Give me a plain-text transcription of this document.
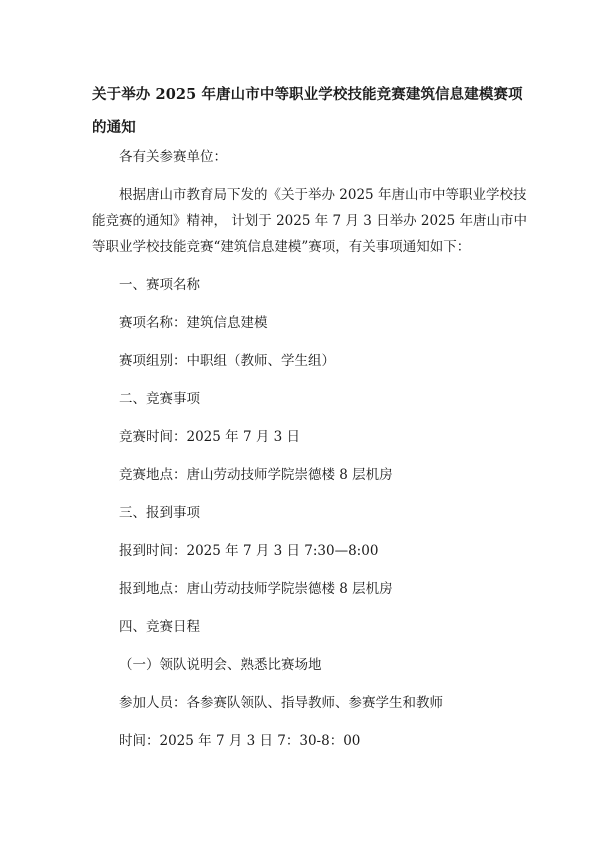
关于举办 2025 年唐山市中等职业学校技能竞赛建筑信息建模赛项的通知

各有关参赛单位：

根据唐山市教育局下发的《关于举办 2025 年唐山市中等职业学校技能竞赛的通知》精神， 计划于 2025 年 7 月 3 日举办 2025 年唐山市中等职业学校技能竞赛“建筑信息建模”赛项，有关事项通知如下：

一、赛项名称

赛项名称：建筑信息建模

赛项组别：中职组（教师、学生组）

二、竞赛事项

竞赛时间：2025 年 7 月 3 日

竞赛地点：唐山劳动技师学院崇德楼 8 层机房

三、报到事项

报到时间：2025 年 7 月 3 日 7:30—8:00

报到地点：唐山劳动技师学院崇德楼 8 层机房

四、竞赛日程

（一）领队说明会、熟悉比赛场地

参加人员：各参赛队领队、指导教师、参赛学生和教师

时间：2025 年 7 月 3 日 7：30-8：00
